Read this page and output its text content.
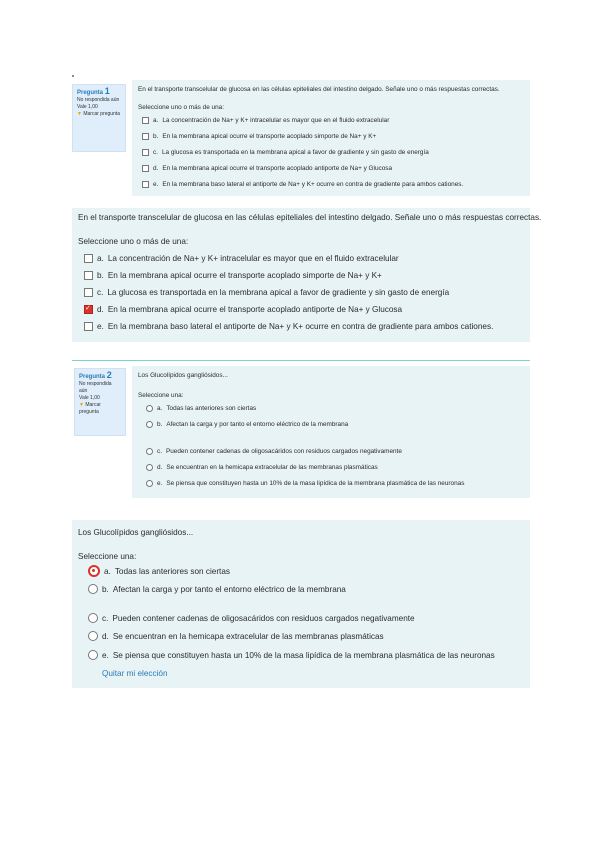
Pregunta 1
No respondida aún
Vale 1,00
▼ Marcar pregunta
En el transporte transcelular de glucosa en las células epiteliales del intestino delgado. Señale uno o más respuestas correctas.
Seleccione uno o más de una:
a. La concentración de Na+ y K+ intracelular es mayor que en el fluido extracelular
b. En la membrana apical ocurre el transporte acoplado simporte de Na+ y K+
c. La glucosa es transportada en la membrana apical a favor de gradiente y sin gasto de energía
d. En la membrana apical ocurre el transporte acoplado antiporte de Na+ y Glucosa
e. En la membrana baso lateral el antiporte de Na+ y K+ ocurre en contra de gradiente para ambos cationes.
En el transporte transcelular de glucosa en las células epiteliales del intestino delgado. Señale uno o más respuestas correctas.
Seleccione uno o más de una:
a. La concentración de Na+ y K+ intracelular es mayor que en el fluido extracelular
b. En la membrana apical ocurre el transporte acoplado simporte de Na+ y K+
c. La glucosa es transportada en la membrana apical a favor de gradiente y sin gasto de energía
✓
d. En la membrana apical ocurre el transporte acoplado antiporte de Na+ y Glucosa
e. En la membrana baso lateral el antiporte de Na+ y K+ ocurre en contra de gradiente para ambos cationes.
Pregunta 2
No respondida aún
Vale 1,00
▼ Marcar pregunta
Los Glucolípidos gangliósidos...
Seleccione una:
a. Todas las anteriores son ciertas
b. Afectan la carga y por tanto el entorno eléctrico de la membrana
c. Pueden contener cadenas de oligosacáridos con residuos cargados negativamente
d. Se encuentran en la hemicapa extracelular de las membranas plasmáticas
e. Se piensa que constituyen hasta un 10% de la masa lipídica de la membrana plasmática de las neuronas
Los Glucolípidos gangliósidos...
Seleccione una:
a. Todas las anteriores son ciertas
b. Afectan la carga y por tanto el entorno eléctrico de la membrana
c. Pueden contener cadenas de oligosacáridos con residuos cargados negativamente
d. Se encuentran en la hemicapa extracelular de las membranas plasmáticas
e. Se piensa que constituyen hasta un 10% de la masa lipídica de la membrana plasmática de las neuronas
Quitar mi elección
